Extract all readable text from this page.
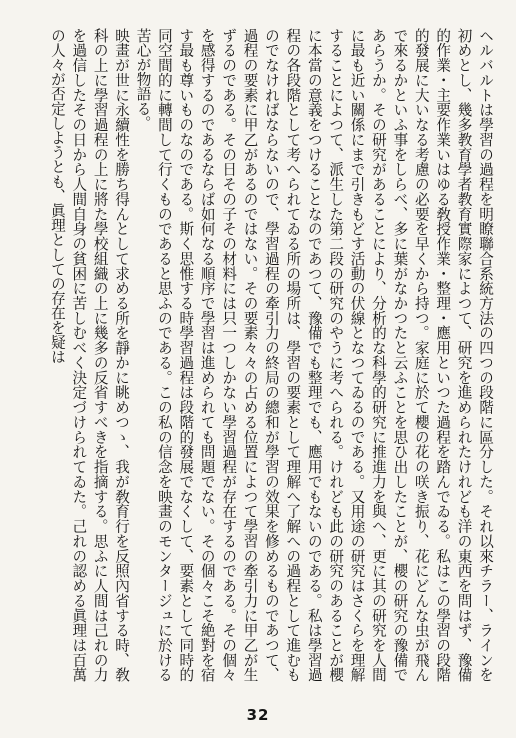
ヘルバルトは學習の過程を明瞭聯合系統方法の四つの段階に區分した。それ以來チラー、ラインを初めとし、幾多教育學者教育實際家によつて、研究を進められたけれども洋の東西を問はず、豫備的作業・主要作業いはゆる敎授作業・整理・應用といつた過程を踏んでゐる。私はこの學習の段階的發展に大いなる考慮の必要を早くから持つ。家庭に於て櫻の花の咲き振り、花にどんな虫が飛んで來るかといふ事をしらべ、多に葉がなかつたと云ふことを思ひ出したことが、櫻の研究の豫備であらうか。その研究があることにより、分析的な科學的研究に推進力を與へ、更に其の研究を人間に最も近い關係にまで引きもどす活動の伏線となつてゐるのである。又用途の研究はさくらを理解することによつて、派生した第二段の研究のやうに考へられる。けれども此の研究のあることが櫻に本當の意義をつけることなのであつて、豫備でも整理でも、應用でもないのである。私は學習過程の各段階として考へられてゐる所の場所は、學習の要素として理解へ了解への過程として進むものでなければならないので、學習過程の牽引力の終局の總和が學習の效果を修めるものであつて、過程の要素に甲乙があるのではない。その要素々々の占める位置によつて學習の牽引力に甲乙が生ずるのである。その日その子その材料には只一つしかない學習過程が存在するのである。その個々を感得するのであるならば如何なる順序で學習は進められても問題でない。その個々こそ絶對を宿す最も尊いものなのである。斯く思惟する時學習過程は段階的發展でなくして、要素として同時的同空間的に轉間して行くものであると思ふのである。この私の信念を映畫のモンタージュに於ける苦心が物語る。

映畫が世に永續性を勝ち得んとして求める所を靜かに眺めつゝ、我が敎育行を反照內省する時、敎科の上に學習過程の上に將た學校組織の上に幾多の反省すべきを指摘する。思ふに人間は己れの力を過信したその日から人間自身の貧困に苦しむべく決定づけられてゐた。己れの認める眞理は百萬の人々が否定しようとも、眞理としての存在を疑は

32
